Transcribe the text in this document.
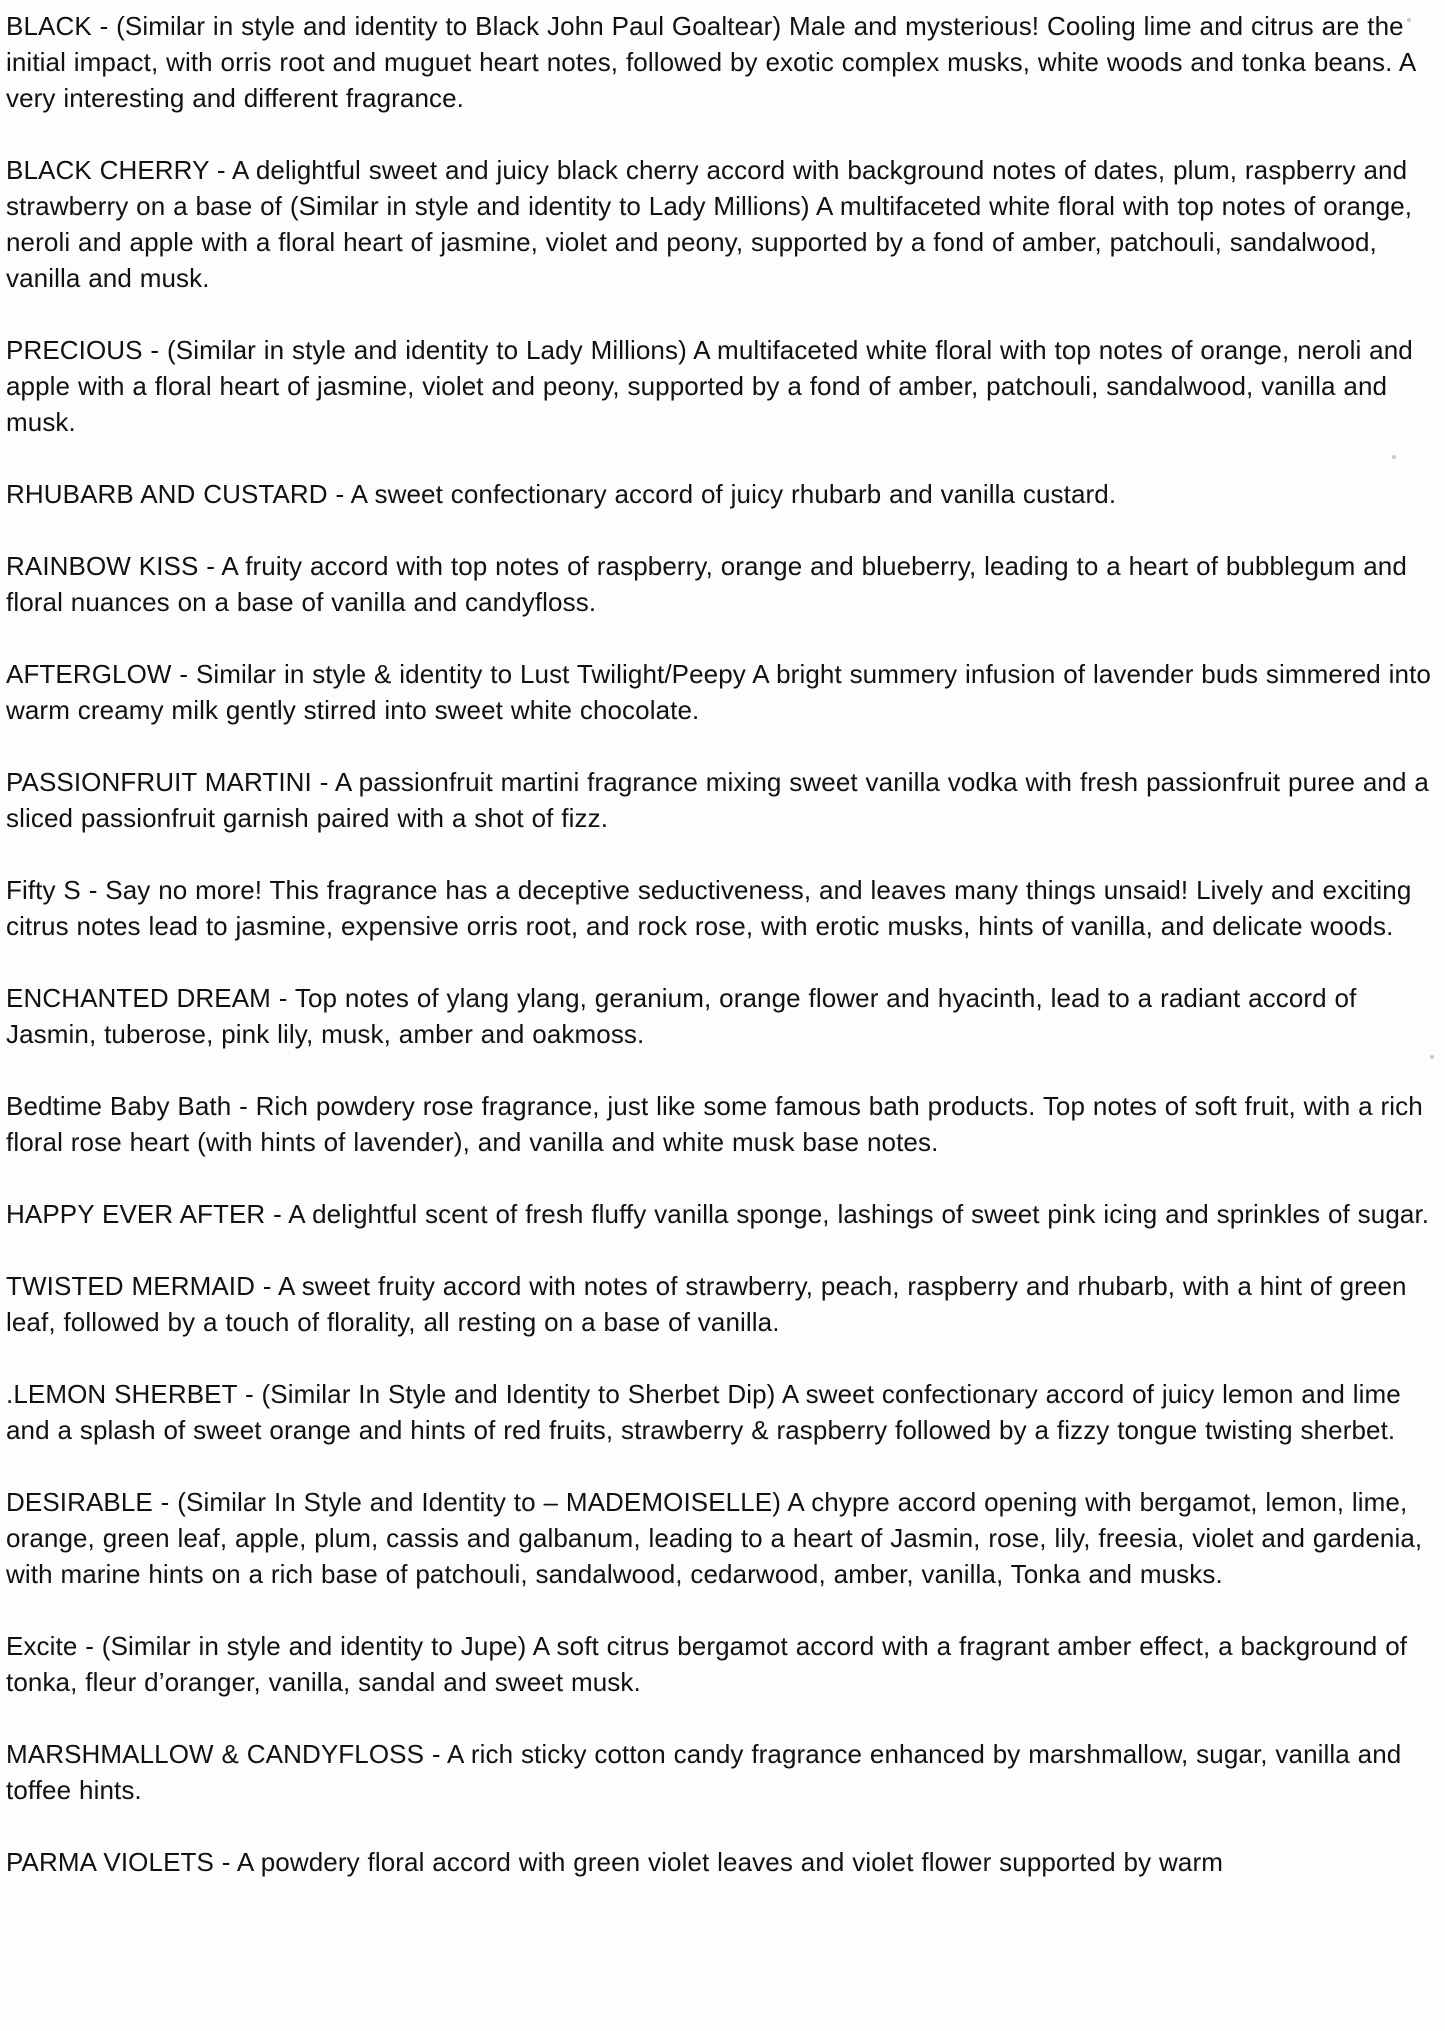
BLACK - (Similar in style and identity to Black John Paul Goaltear) Male and mysterious! Cooling lime and citrus are the initial impact, with orris root and muguet heart notes, followed by exotic complex musks, white woods and tonka beans. A very interesting and different fragrance.

BLACK CHERRY - A delightful sweet and juicy black cherry accord with background notes of dates, plum, raspberry and strawberry on a base of (Similar in style and identity to Lady Millions) A multifaceted white floral with top notes of orange, neroli and apple with a floral heart of jasmine, violet and peony, supported by a fond of amber, patchouli, sandalwood, vanilla and musk.

PRECIOUS - (Similar in style and identity to Lady Millions) A multifaceted white floral with top notes of orange, neroli and apple with a floral heart of jasmine, violet and peony, supported by a fond of amber, patchouli, sandalwood, vanilla and musk.

RHUBARB AND CUSTARD - A sweet confectionary accord of juicy rhubarb and vanilla custard.

RAINBOW KISS - A fruity accord with top notes of raspberry, orange and blueberry, leading to a heart of bubblegum and floral nuances on a base of vanilla and candyfloss.

AFTERGLOW - Similar in style & identity to Lust Twilight/Peepy A bright summery infusion of lavender buds simmered into warm creamy milk gently stirred into sweet white chocolate.

PASSIONFRUIT MARTINI - A passionfruit martini fragrance mixing sweet vanilla vodka with fresh passionfruit puree and a sliced passionfruit garnish paired with a shot of fizz.

Fifty S - Say no more! This fragrance has a deceptive seductiveness, and leaves many things unsaid! Lively and exciting citrus notes lead to jasmine, expensive orris root, and rock rose, with erotic musks, hints of vanilla, and delicate woods.

ENCHANTED DREAM - Top notes of ylang ylang, geranium, orange flower and hyacinth, lead to a radiant accord of Jasmin, tuberose, pink lily, musk, amber and oakmoss.

Bedtime Baby Bath - Rich powdery rose fragrance, just like some famous bath products. Top notes of soft fruit, with a rich floral rose heart (with hints of lavender), and vanilla and white musk base notes.

HAPPY EVER AFTER - A delightful scent of fresh fluffy vanilla sponge, lashings of sweet pink icing and sprinkles of sugar.

TWISTED MERMAID - A sweet fruity accord with notes of strawberry, peach, raspberry and rhubarb, with a hint of green leaf, followed by a touch of florality, all resting on a base of vanilla.

.LEMON SHERBET - (Similar In Style and Identity to Sherbet Dip) A sweet confectionary accord of juicy lemon and lime and a splash of sweet orange and hints of red fruits, strawberry & raspberry followed by a fizzy tongue twisting sherbet.

DESIRABLE - (Similar In Style and Identity to – MADEMOISELLE) A chypre accord opening with bergamot, lemon, lime, orange, green leaf, apple, plum, cassis and galbanum, leading to a heart of Jasmin, rose, lily, freesia, violet and gardenia, with marine hints on a rich base of patchouli, sandalwood, cedarwood, amber, vanilla, Tonka and musks.

Excite - (Similar in style and identity to Jupe) A soft citrus bergamot accord with a fragrant amber effect, a background of tonka, fleur d’oranger, vanilla, sandal and sweet musk.

MARSHMALLOW & CANDYFLOSS - A rich sticky cotton candy fragrance enhanced by marshmallow, sugar, vanilla and toffee hints.

PARMA VIOLETS - A powdery floral accord with green violet leaves and violet flower supported by warm
